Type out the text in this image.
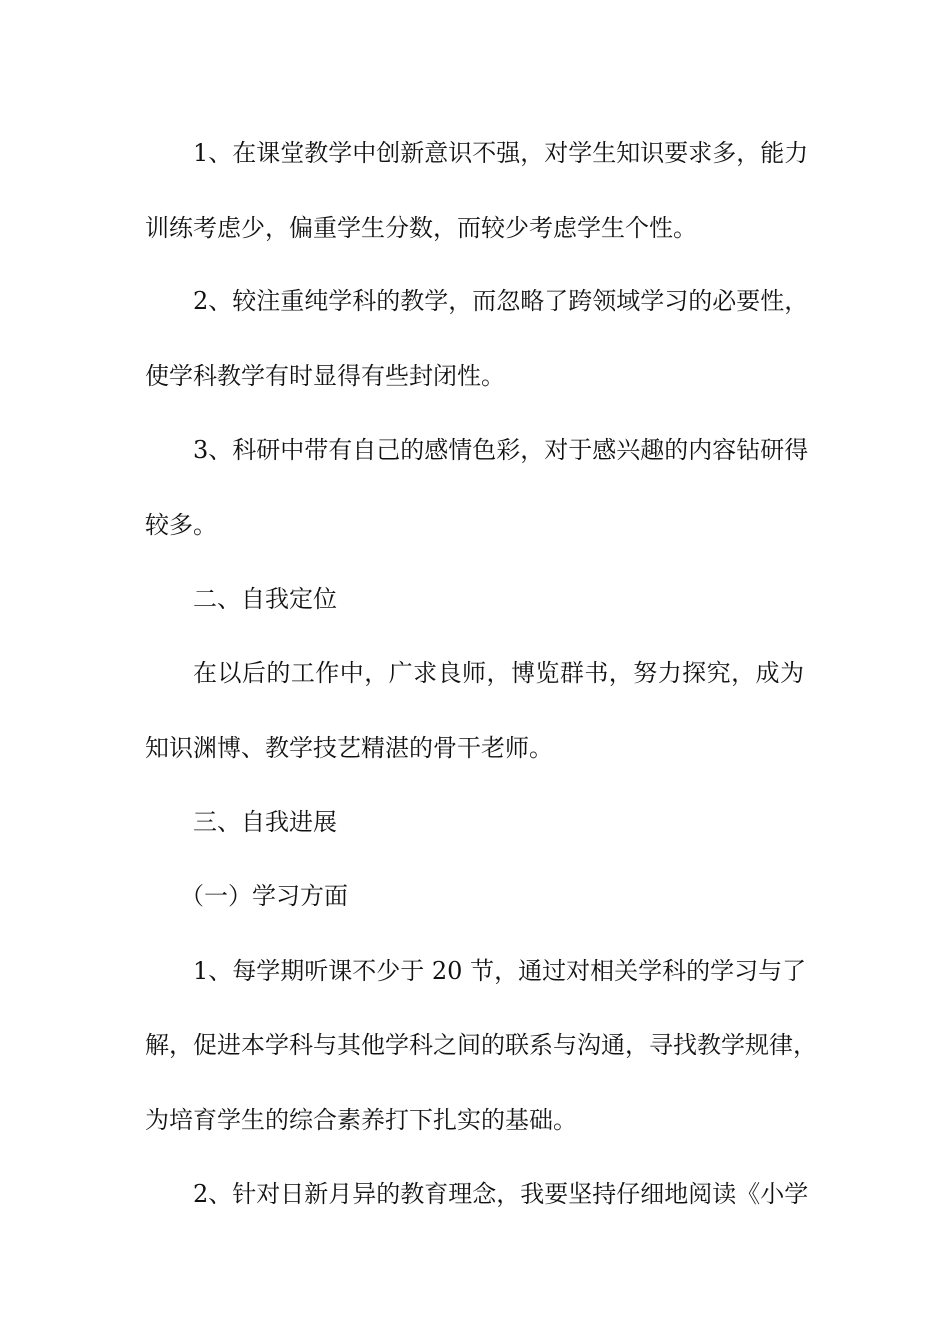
1、在课堂教学中创新意识不强，对学生知识要求多，能力
训练考虑少，偏重学生分数，而较少考虑学生个性。
2、较注重纯学科的教学，而忽略了跨领域学习的必要性，
使学科教学有时显得有些封闭性。
3、科研中带有自己的感情色彩，对于感兴趣的内容钻研得
较多。
二、自我定位
在以后的工作中，广求良师，博览群书，努力探究，成为
知识渊博、教学技艺精湛的骨干老师。
三、自我进展
（一）学习方面
1、每学期听课不少于 20 节，通过对相关学科的学习与了
解，促进本学科与其他学科之间的联系与沟通，寻找教学规律，
为培育学生的综合素养打下扎实的基础。
2、针对日新月异的教育理念，我要坚持仔细地阅读《小学
